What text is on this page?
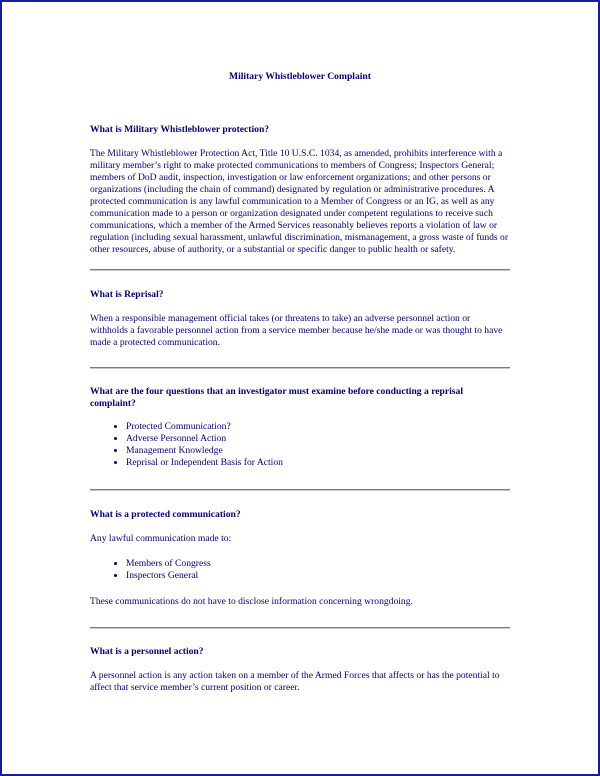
Military Whistleblower Complaint
What is Military Whistleblower protection?

The Military Whistleblower Protection Act, Title 10 U.S.C. 1034, as amended, prohibits interference with a military member’s right to make protected communications to members of Congress; Inspectors General; members of DoD audit, inspection, investigation or law enforcement organizations; and other persons or organizations (including the chain of command) designated by regulation or administrative procedures. A protected communication is any lawful communication to a Member of Congress or an IG, as well as any communication made to a person or organization designated under competent regulations to receive such communications, which a member of the Armed Services reasonably believes reports a violation of law or regulation (including sexual harassment, unlawful discrimination, mismanagement, a gross waste of funds or other resources, abuse of authority, or a substantial or specific danger to public health or safety.

What is Reprisal?

When a responsible management official takes (or threatens to take) an adverse personnel action or withholds a favorable personnel action from a service member because he/she made or was thought to have made a protected communication.

What are the four questions that an investigator must examine before conducting a reprisal complaint?
• Protected Communication?
• Adverse Personnel Action
• Management Knowledge
• Reprisal or Independent Basis for Action
What is a protected communication?

Any lawful communication made to:

• Members of Congress
• Inspectors General

These communications do not have to disclose information concerning wrongdoing.

What is a personnel action?

A personnel action is any action taken on a member of the Armed Forces that affects or has the potential to affect that service member’s current position or career.
